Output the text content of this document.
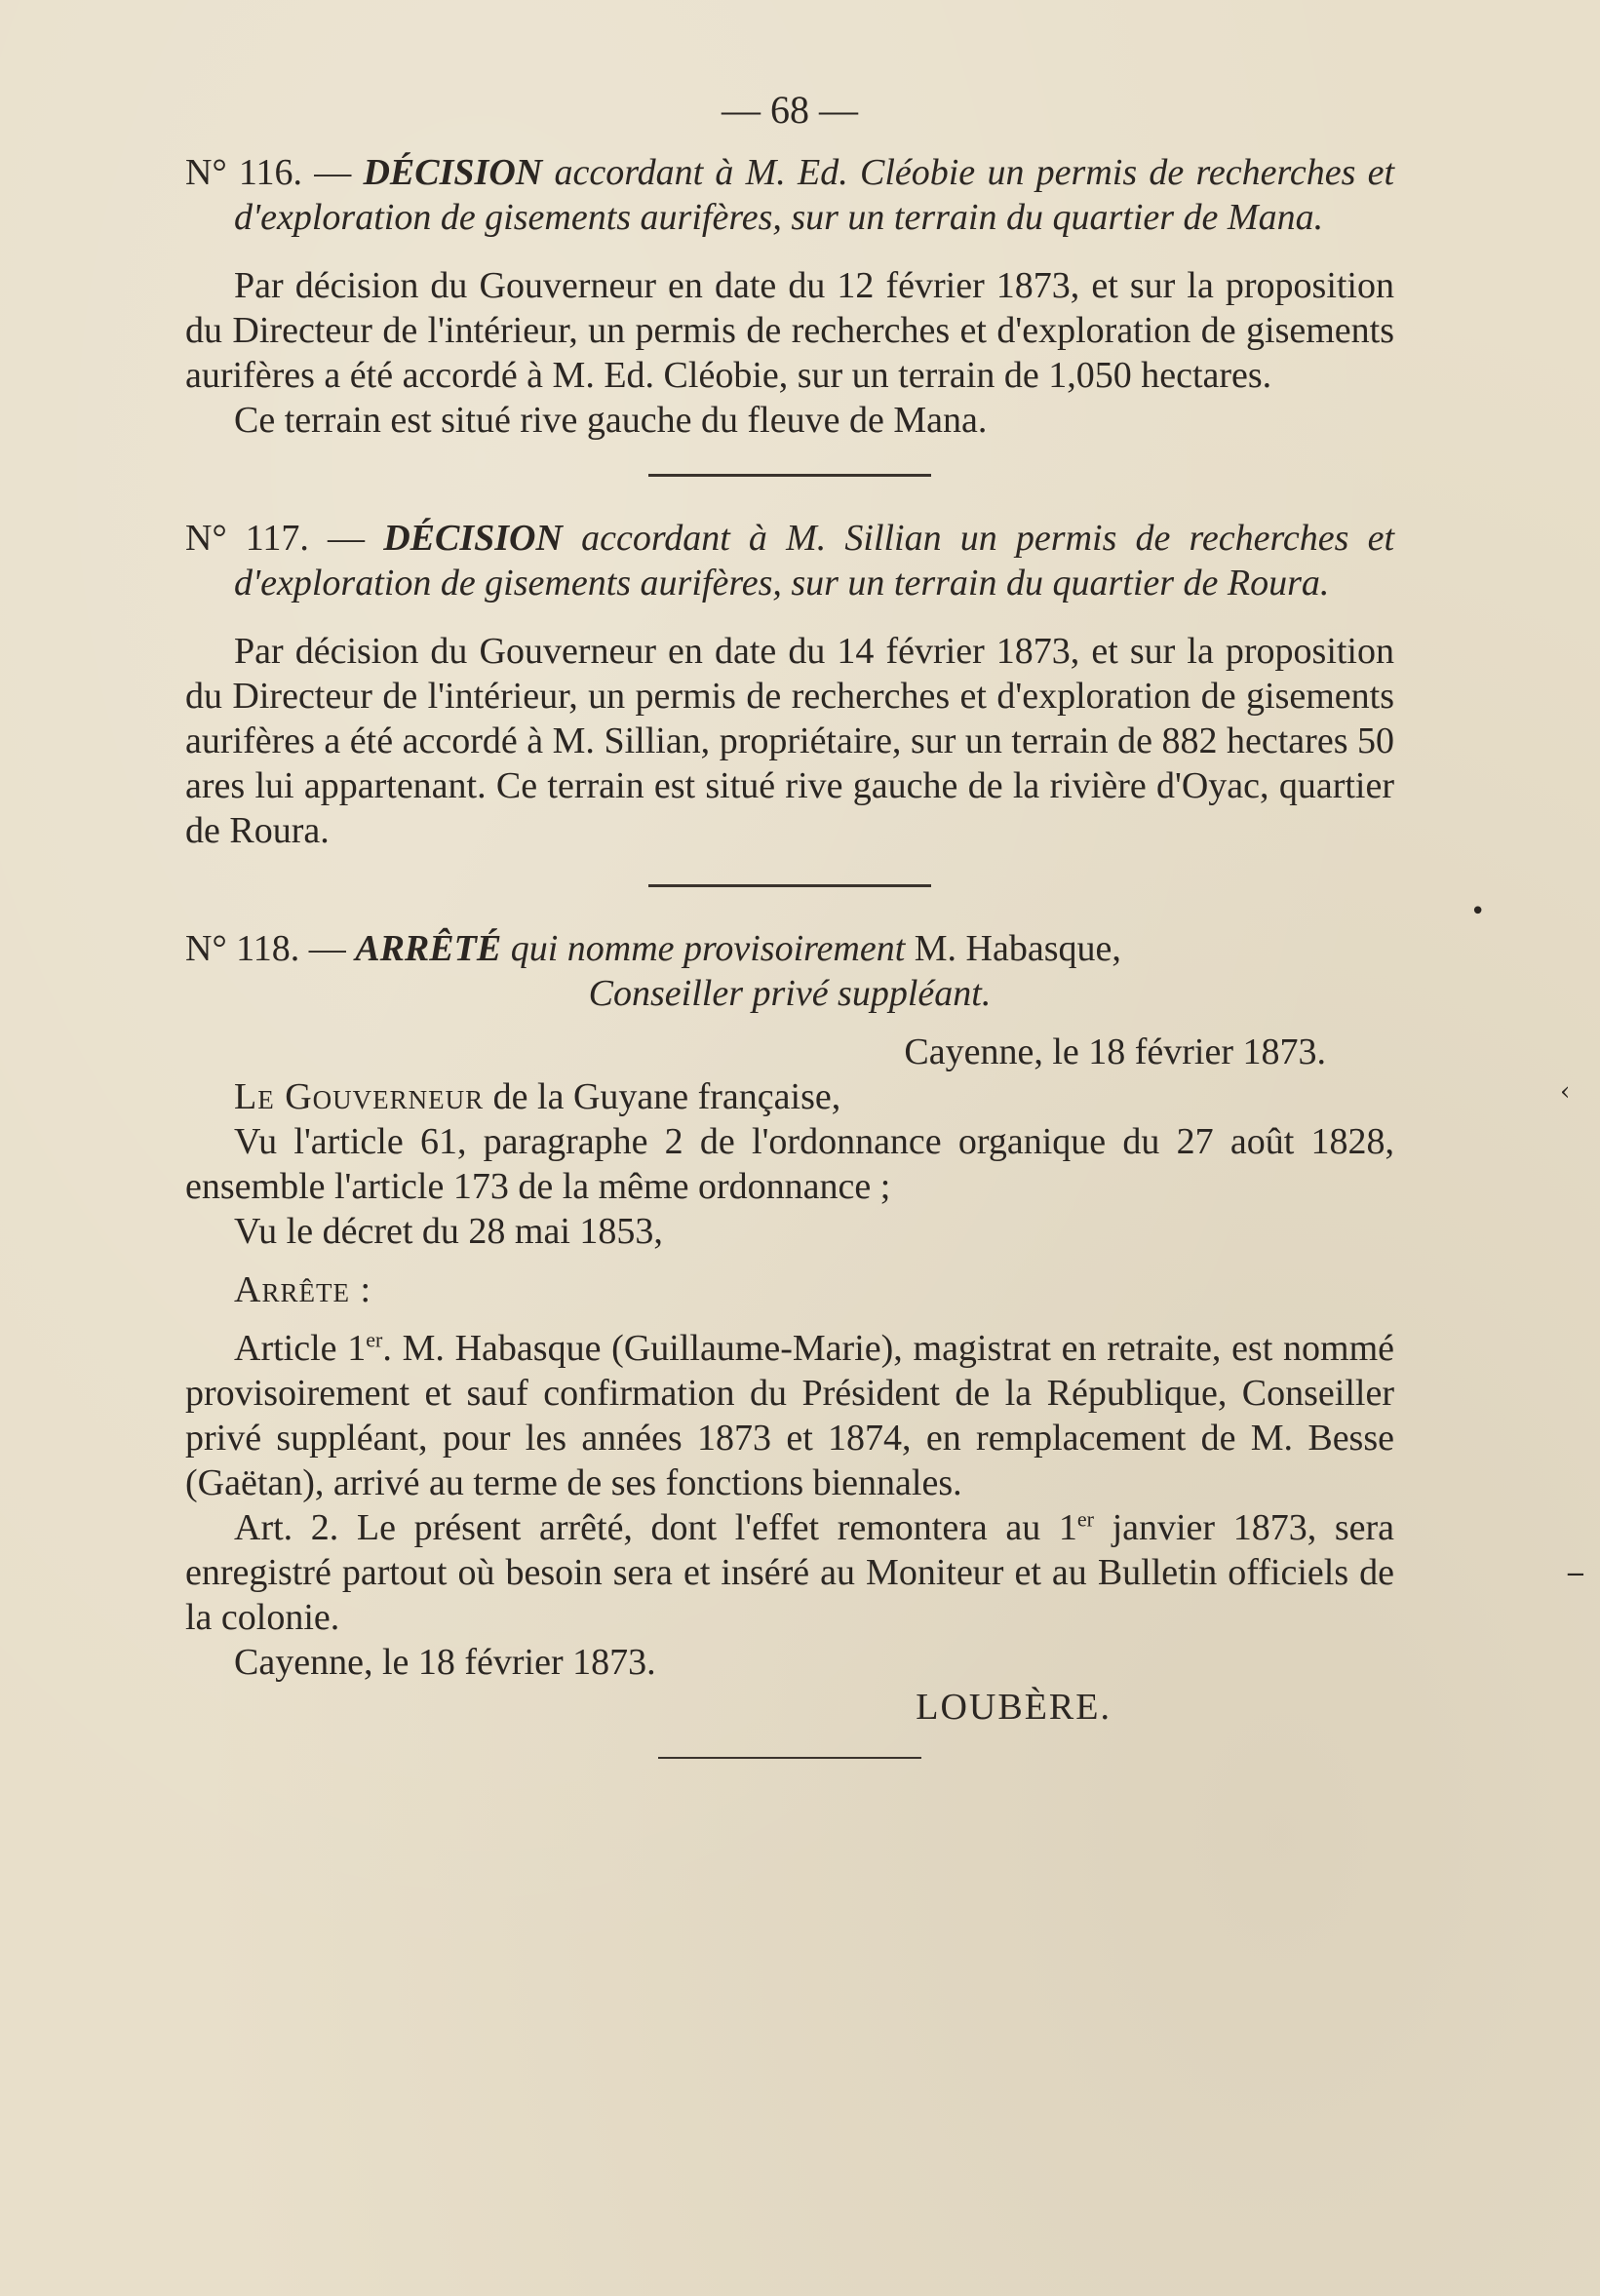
•
‹
−
— 68 —

N° 116. — DÉCISION accordant à M. Ed. Cléobie un permis de recherches et d'exploration de gisements aurifères, sur un terrain du quartier de Mana.

Par décision du Gouverneur en date du 12 février 1873, et sur la proposition du Directeur de l'intérieur, un permis de recherches et d'exploration de gisements aurifères a été accordé à M. Ed. Cléobie, sur un terrain de 1,050 hectares.

Ce terrain est situé rive gauche du fleuve de Mana.

N° 117. — DÉCISION accordant à M. Sillian un permis de recherches et d'exploration de gisements aurifères, sur un terrain du quartier de Roura.

Par décision du Gouverneur en date du 14 février 1873, et sur la proposition du Directeur de l'intérieur, un permis de recherches et d'exploration de gisements aurifères a été accordé à M. Sillian, propriétaire, sur un terrain de 882 hectares 50 ares lui appartenant. Ce terrain est situé rive gauche de la rivière d'Oyac, quartier de Roura.

N° 118. — ARRÊTÉ qui nomme provisoirement M. Habasque,

Conseiller privé suppléant.

Cayenne, le 18 février 1873.

Le Gouverneur de la Guyane française,

Vu l'article 61, paragraphe 2 de l'ordonnance organique du 27 août 1828, ensemble l'article 173 de la même ordonnance ;

Vu le décret du 28 mai 1853,

Arrête :

Article 1er. M. Habasque (Guillaume-Marie), magistrat en retraite, est nommé provisoirement et sauf confirmation du Président de la République, Conseiller privé suppléant, pour les années 1873 et 1874, en remplacement de M. Besse (Gaëtan), arrivé au terme de ses fonctions biennales.

Art. 2. Le présent arrêté, dont l'effet remontera au 1er janvier 1873, sera enregistré partout où besoin sera et inséré au Moniteur et au Bulletin officiels de la colonie.

Cayenne, le 18 février 1873.

LOUBÈRE.
